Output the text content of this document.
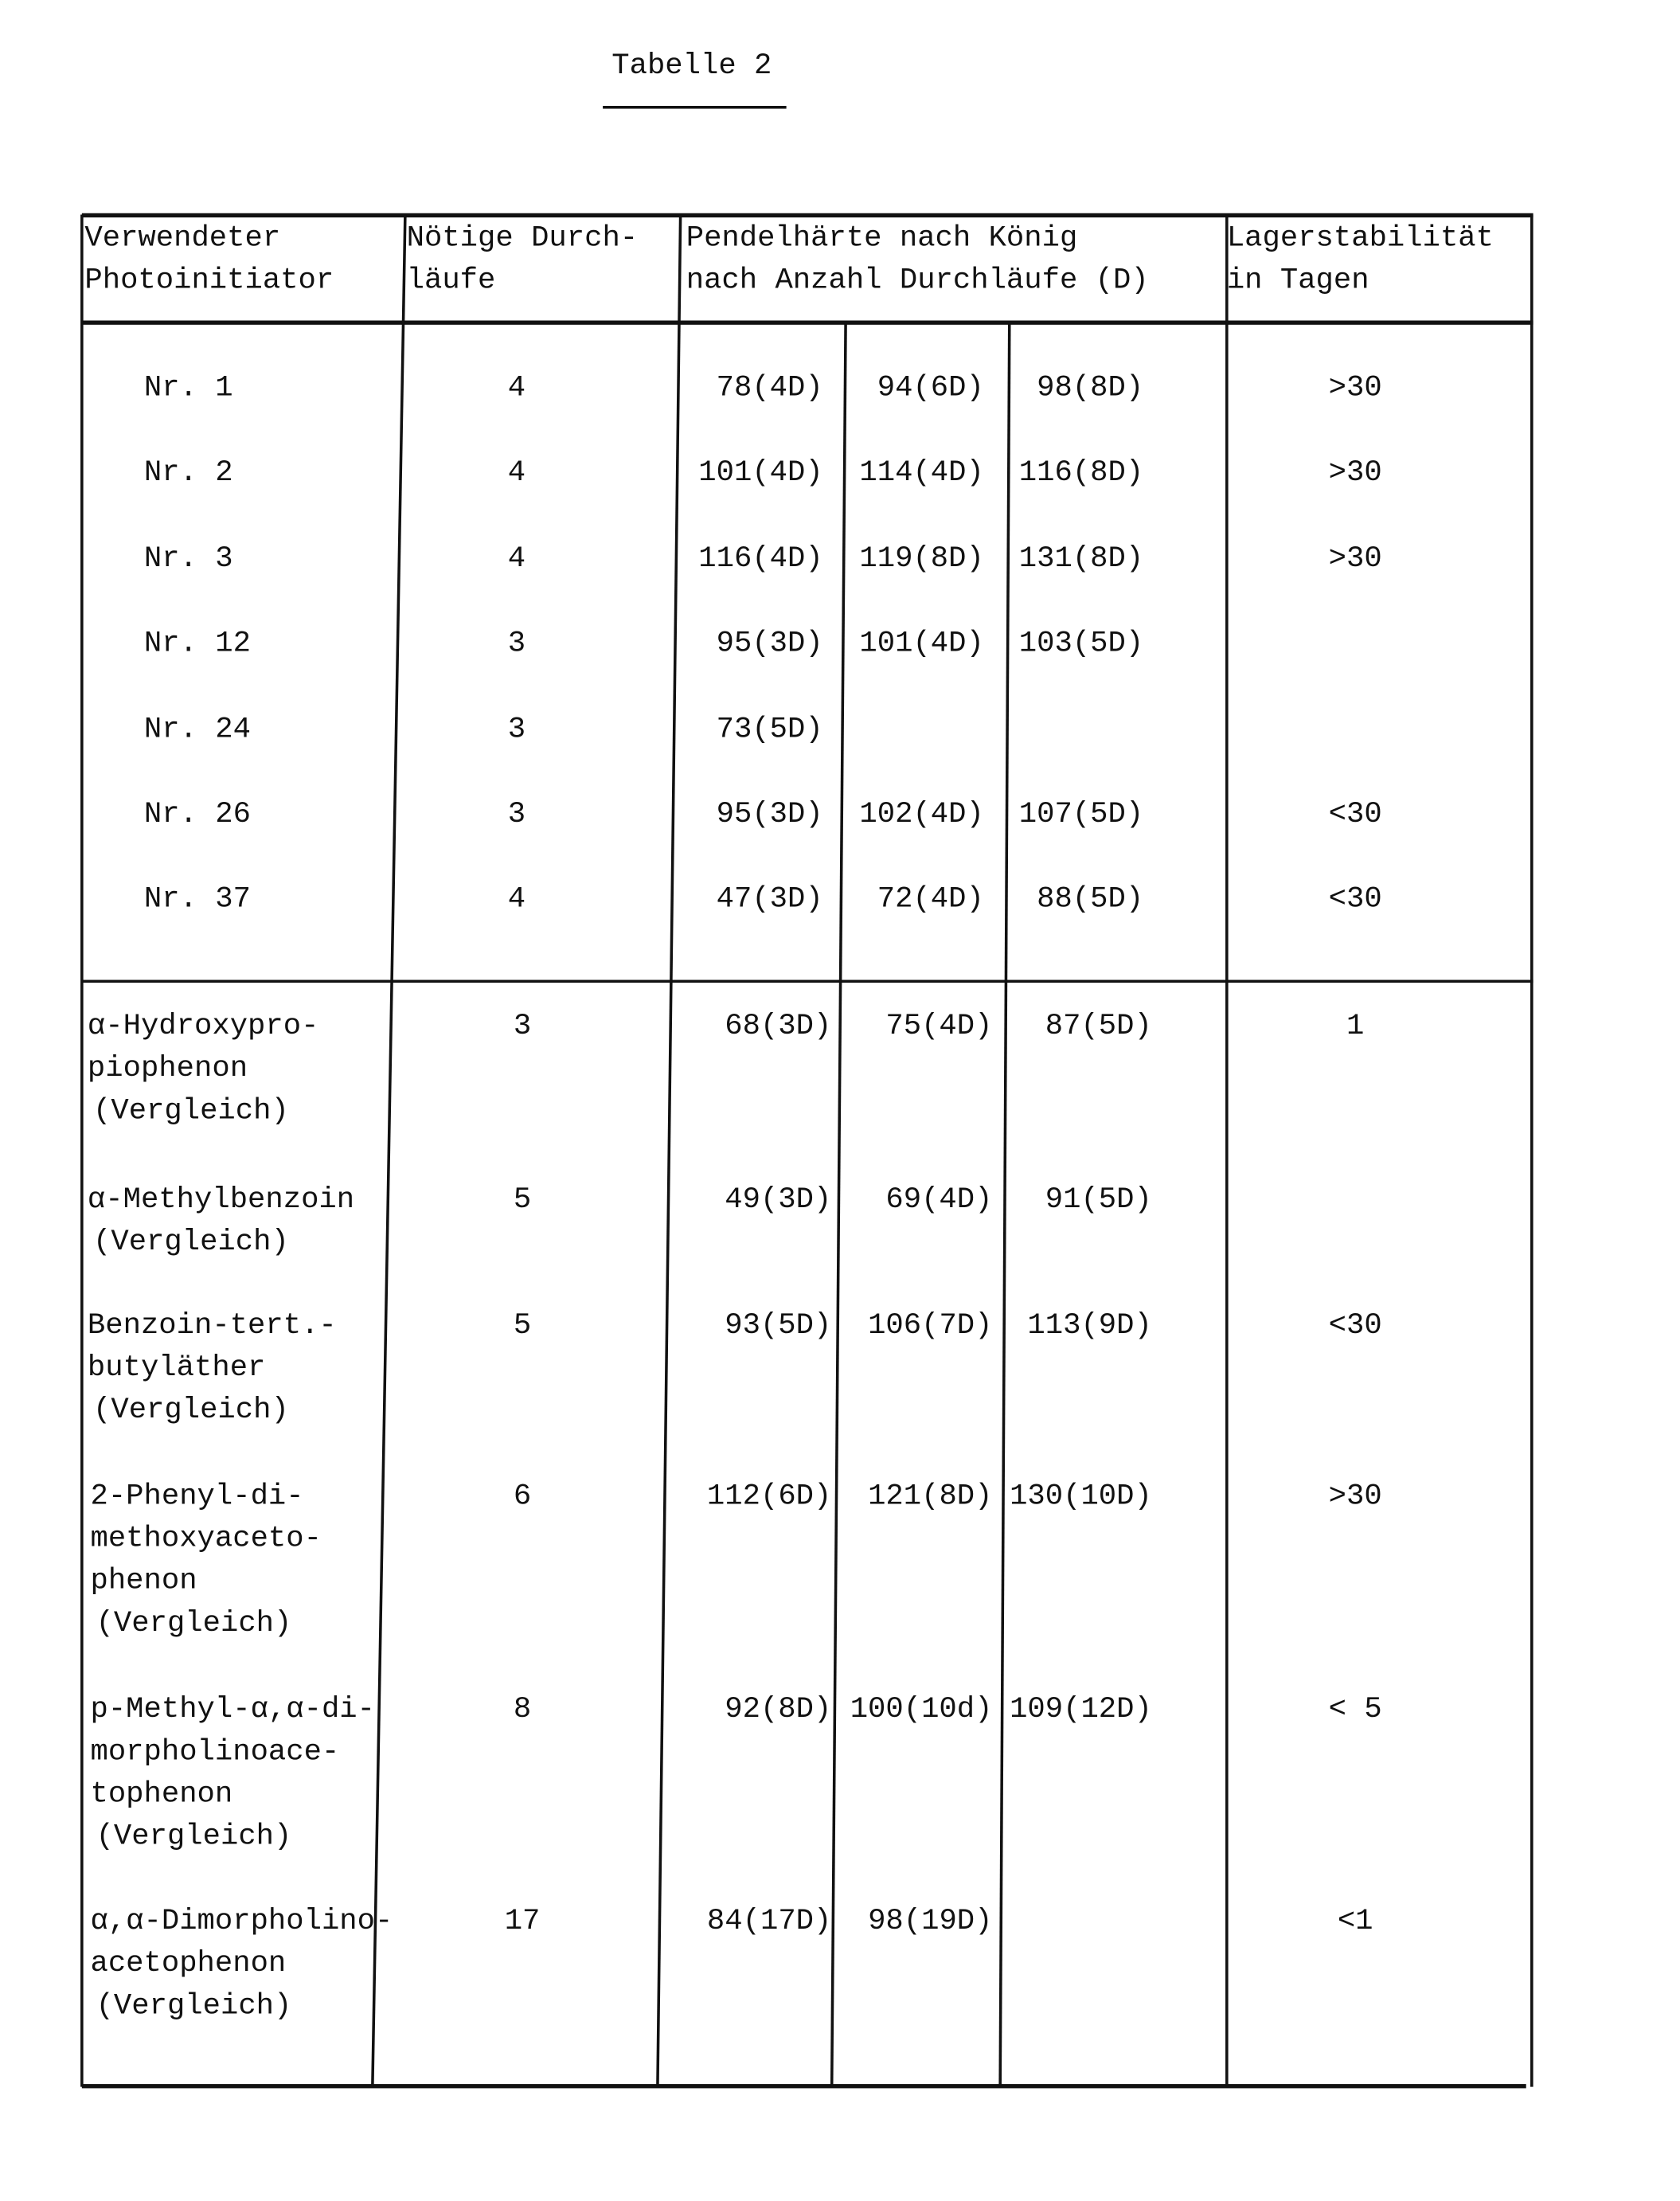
Tabelle 2
Verwendeter
Photoinitiator
Nötige Durch-
läufe
Pendelhärte nach König
nach Anzahl Durchläufe (D)
Lagerstabilität
in Tagen
Nr. 1	4	78(4D)	94(6D)	98(8D)	>30
Nr. 2	4	101(4D)	114(4D)	116(8D)	>30
Nr. 3	4	116(4D)	119(8D)	131(8D)	>30
Nr. 12	3	95(3D)	101(4D)	103(5D)
Nr. 24	3	73(5D)
Nr. 26	3	95(3D)	102(4D)	107(5D)	<30
Nr. 37	4	47(3D)	72(4D)	88(5D)	<30
α-Hydroxypro-
piophenon
(Vergleich)
3	68(3D)	75(4D)	87(5D)	1
α-Methylbenzoin
(Vergleich)
5	49(3D)	69(4D)	91(5D)
Benzoin-tert.-
butyläther
(Vergleich)
5	93(5D)	106(7D)	113(9D)	<30
2-Phenyl-di-
methoxyaceto-
phenon
(Vergleich)
6	112(6D)	121(8D)	130(10D)	>30
p-Methyl-α,α-di-
morpholinoace-
tophenon
(Vergleich)
8	92(8D)	100(10d)	109(12D)	< 5
α,α-Dimorpholino-
acetophenon
(Vergleich)
17	84(17D)	98(19D)	<1
